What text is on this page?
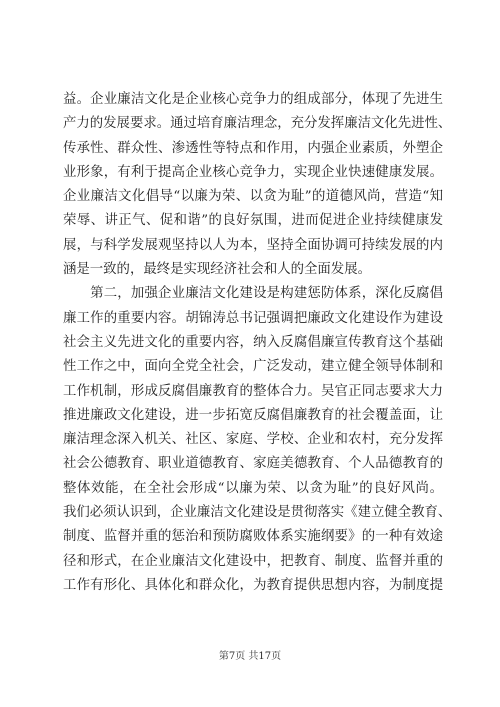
益。企业廉洁文化是企业核心竞争力的组成部分，体现了先进生
产力的发展要求。通过培育廉洁理念，充分发挥廉洁文化先进性、
传承性、群众性、渗透性等特点和作用，内强企业素质，外塑企
业形象，有利于提高企业核心竞争力，实现企业快速健康发展。
企业廉洁文化倡导“以廉为荣、以贪为耻”的道德风尚，营造“知
荣辱、讲正气、促和谐”的良好氛围，进而促进企业持续健康发
展，与科学发展观坚持以人为本，坚持全面协调可持续发展的内
涵是一致的，最终是实现经济社会和人的全面发展。
　　第二，加强企业廉洁文化建设是构建惩防体系，深化反腐倡
廉工作的重要内容。胡锦涛总书记强调把廉政文化建设作为建设
社会主义先进文化的重要内容，纳入反腐倡廉宣传教育这个基础
性工作之中，面向全党全社会，广泛发动，建立健全领导体制和
工作机制，形成反腐倡廉教育的整体合力。吴官正同志要求大力
推进廉政文化建设，进一步拓宽反腐倡廉教育的社会覆盖面，让
廉洁理念深入机关、社区、家庭、学校、企业和农村，充分发挥
社会公德教育、职业道德教育、家庭美德教育、个人品德教育的
整体效能，在全社会形成“以廉为荣、以贪为耻”的良好风尚。
我们必须认识到，企业廉洁文化建设是贯彻落实《建立健全教育、
制度、监督并重的惩治和预防腐败体系实施纲要》的一种有效途
径和形式，在企业廉洁文化建设中，把教育、制度、监督并重的
工作有形化、具体化和群众化，为教育提供思想内容，为制度提
第7页 共17页
